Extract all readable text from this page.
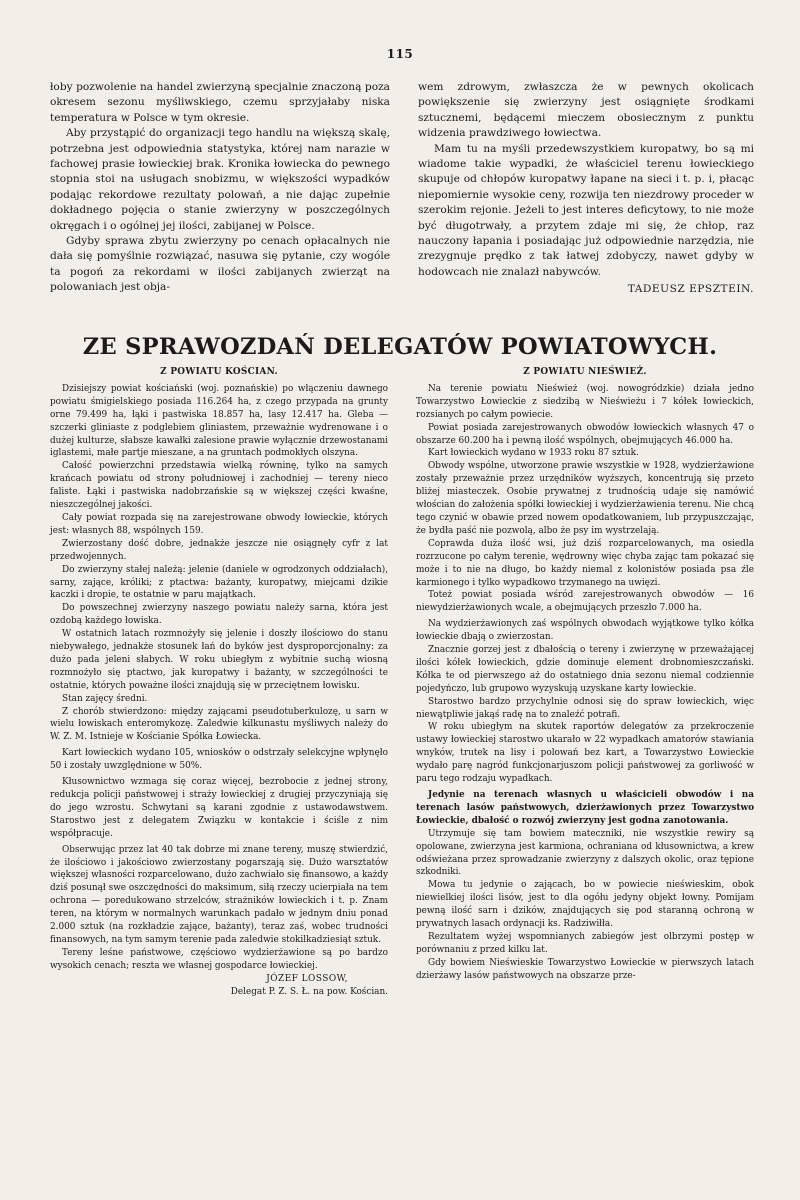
115

łoby pozwolenie na handel zwierzyną specjalnie znaczoną poza okresem sezonu myśliwskiego, czemu sprzyjałaby niska temperatura w Polsce w tym okresie.

Aby przystąpić do organizacji tego handlu na większą skalę, potrzebna jest odpowiednia statystyka, której nam narazie w fachowej prasie łowieckiej brak. Kronika łowiecka do pewnego stopnia stoi na usługach snobizmu, w większości wypadków podając rekordowe rezultaty polowań, a nie dając zupełnie dokładnego pojęcia o stanie zwierzyny w poszczególnych okręgach i o ogólnej jej ilości, zabijanej w Polsce.

Gdyby sprawa zbytu zwierzyny po cenach opłacalnych nie dała się pomyślnie rozwiązać, nasuwa się pytanie, czy wogóle ta pogoń za rekordami w ilości zabijanych zwierząt na polowaniach jest obja-

wem zdrowym, zwłaszcza że w pewnych okolicach powiększenie się zwierzyny jest osiągnięte środkami sztucznemi, będącemi mieczem obosiecznym z punktu widzenia prawdziwego łowiectwa.

Mam tu na myśli przedewszystkiem kuropatwy, bo są mi wiadome takie wypadki, że właściciel terenu łowieckiego skupuje od chłopów kuropatwy łapane na sieci i t. p. i, płacąc niepomiernie wysokie ceny, rozwija ten niezdrowy proceder w szerokim rejonie. Jeżeli to jest interes deficytowy, to nie może być długotrwały, a przytem zdaje mi się, że chłop, raz nauczony łapania i posiadając już odpowiednie narzędzia, nie zrezygnuje prędko z tak łatwej zdobyczy, nawet gdyby w hodowcach nie znalazł nabywców.

TADEUSZ EPSZTEIN.

ZE SPRAWOZDAŃ DELEGATÓW POWIATOWYCH.

Z POWIATU KOŚCIAN.

Dzisiejszy powiat kościański (woj. poznańskie) po włączeniu dawnego powiatu śmigielskiego posiada 116.264 ha, z czego przypada na grunty orne 79.499 ha, łąki i pastwiska 18.857 ha, lasy 12.417 ha. Gleba — szczerki gliniaste z podglebiem gliniastem, przeważnie wydrenowane i o dużej kulturze, słabsze kawałki zalesione prawie wyłącznie drzewostanami iglastemi, małe partje mieszane, a na gruntach podmokłych olszyna.

Całość powierzchni przedstawia wielką równinę, tylko na samych krańcach powiatu od strony południowej i zachodniej — tereny nieco faliste. Łąki i pastwiska nadobrzańskie są w większej części kwaśne, nieszczególnej jakości.

Cały powiat rozpada się na zarejestrowane obwody łowieckie, których jest: własnych 88, wspólnych 159.

Zwierzostany dość dobre, jednakże jeszcze nie osiągnęły cyfr z lat przedwojennych.

Do zwierzyny stałej należą: jelenie (daniele w ogrodzonych oddziałach), sarny, zające, króliki; z ptactwa: bażanty, kuropatwy, miejcami dzikie kaczki i dropie, te ostatnie w paru majątkach.

Do powszechnej zwierzyny naszego powiatu należy sarna, która jest ozdobą każdego łowiska.

W ostatnich latach rozmnożyły się jelenie i doszły ilościowo do stanu niebywałego, jednakże stosunek łań do byków jest dysproporcjonalny: za dużo pada jeleni słabych. W roku ubiegłym z wybitnie suchą wiosną rozmnożyło się ptactwo, jak kuropatwy i bażanty, w szczególności te ostatnie, których poważne ilości znajdują się w przeciętnem łowisku.

Stan zajęcy średni.

Z chorób stwierdzono: między zającami pseudotuberkulozę, u sarn w wielu łowiskach enteromykozę. Zaledwie kilkunastu myśliwych należy do W. Z. M. Istnieje w Kościanie Spółka Łowiecka.

Kart łowieckich wydano 105, wniosków o odstrzały selekcyjne wpłynęło 50 i zostały uwzględnione w 50%.

Kłusownictwo wzmaga się coraz więcej, bezrobocie z jednej strony, redukcja policji państwowej i straży łowieckiej z drugiej przyczyniają się do jego wzrostu. Schwytani są karani zgodnie z ustawodawstwem. Starostwo jest z delegatem Związku w kontakcie i ściśle z nim współpracuje.

Obserwując przez lat 40 tak dobrze mi znane tereny, muszę stwierdzić, że ilościowo i jakościowo zwierzostany pogarszają się. Dużo warsztatów większej własności rozparcelowano, dużo zachwiało się finansowo, a każdy dziś posunął swe oszczędności do maksimum, siłą rzeczy ucierpiała na tem ochrona — poredukowano strzelców, strażników łowieckich i t. p. Znam teren, na którym w normalnych warunkach padało w jednym dniu ponad 2.000 sztuk (na rozkładzie zające, bażanty), teraz zaś, wobec trudności finansowych, na tym samym terenie pada zaledwie stokilkadziesiąt sztuk.

Tereny leśne państwowe, częściowo wydzierżawione są po bardzo wysokich cenach; reszta we własnej gospodarce łowieckiej.

JÓZEF LOSSOW,

Delegat P. Z. S. Ł. na pow. Kościan.

Z POWIATU NIEŚWIEŻ.

Na terenie powiatu Nieśwież (woj. nowogródzkie) działa jedno Towarzystwo Łowieckie z siedzibą w Nieświeżu i 7 kółek łowieckich, rozsianych po całym powiecie.

Powiat posiada zarejestrowanych obwodów łowieckich własnych 47 o obszarze 60.200 ha i pewną ilość wspólnych, obejmujących 46.000 ha.

Kart łowieckich wydano w 1933 roku 87 sztuk.

Obwody wspólne, utworzone prawie wszystkie w 1928, wydzierżawione zostały przeważnie przez urzędników wyższych, koncentrują się przeto bliżej miasteczek. Osobie prywatnej z trudnością udaje się namówić włościan do założenia spółki łowieckiej i wydzierżawienia terenu. Nie chcą tego czynić w obawie przed nowem opodatkowaniem, lub przypuszczając, że bydła paść nie pozwolą, albo że psy im wystrzelają.

Coprawda duża ilość wsi, już dziś rozparcelowanych, ma osiedla rozrzucone po całym terenie, wędrowny więc chyba zając tam pokazać się może i to nie na długo, bo każdy niemal z kolonistów posiada psa źle karmionego i tylko wypadkowo trzymanego na uwięzi.

Toteż powiat posiada wśród zarejestrowanych obwodów — 16 niewydzierżawionych wcale, a obejmujących przeszło 7.000 ha.

Na wydzierżawionych zaś wspólnych obwodach wyjątkowe tylko kółka łowieckie dbają o zwierzostan.

Znacznie gorzej jest z dbałością o tereny i zwierzynę w przeważającej ilości kółek łowieckich, gdzie dominuje element drobnomieszczański. Kółka te od pierwszego aż do ostatniego dnia sezonu niemal codziennie pojedyńczo, lub grupowo wyzyskują uzyskane karty łowieckie.

Starostwo bardzo przychylnie odnosi się do spraw łowieckich, więc niewątpliwie jakąś radę na to znaleźć potrafi.

W roku ubiegłym na skutek raportów delegatów za przekroczenie ustawy łowieckiej starostwo ukarało w 22 wypadkach amatorów stawiania wnyków, trutek na lisy i polowań bez kart, a Towarzystwo Łowieckie wydało parę nagród funkcjonarjuszom policji państwowej za gorliwość w paru tego rodzaju wypadkach.

Jedynie na terenach własnych u właścicieli obwodów i na terenach lasów państwowych, dzierżawionych przez Towarzystwo Łowieckie, dbałość o rozwój zwierzyny jest godna zanotowania.

Utrzymuje się tam bowiem mateczniki, nie wszystkie rewiry są opolowane, zwierzyna jest karmiona, ochraniana od kłusownictwa, a krew odświeżana przez sprowadzanie zwierzyny z dalszych okolic, oraz tępione szkodniki.

Mowa tu jedynie o zającach, bo w powiecie nieświeskim, obok niewielkiej ilości lisów, jest to dla ogółu jedyny objekt łowny. Pomijam pewną ilość sarn i dzików, znajdujących się pod staranną ochroną w prywatnych lasach ordynacji ks. Radziwiłła.

Rezultatem wyżej wspomnianych zabiegów jest olbrzymi postęp w porównaniu z przed kilku lat.

Gdy bowiem Nieświeskie Towarzystwo Łowieckie w pierwszych latach dzierżawy lasów państwowych na obszarze prze-
